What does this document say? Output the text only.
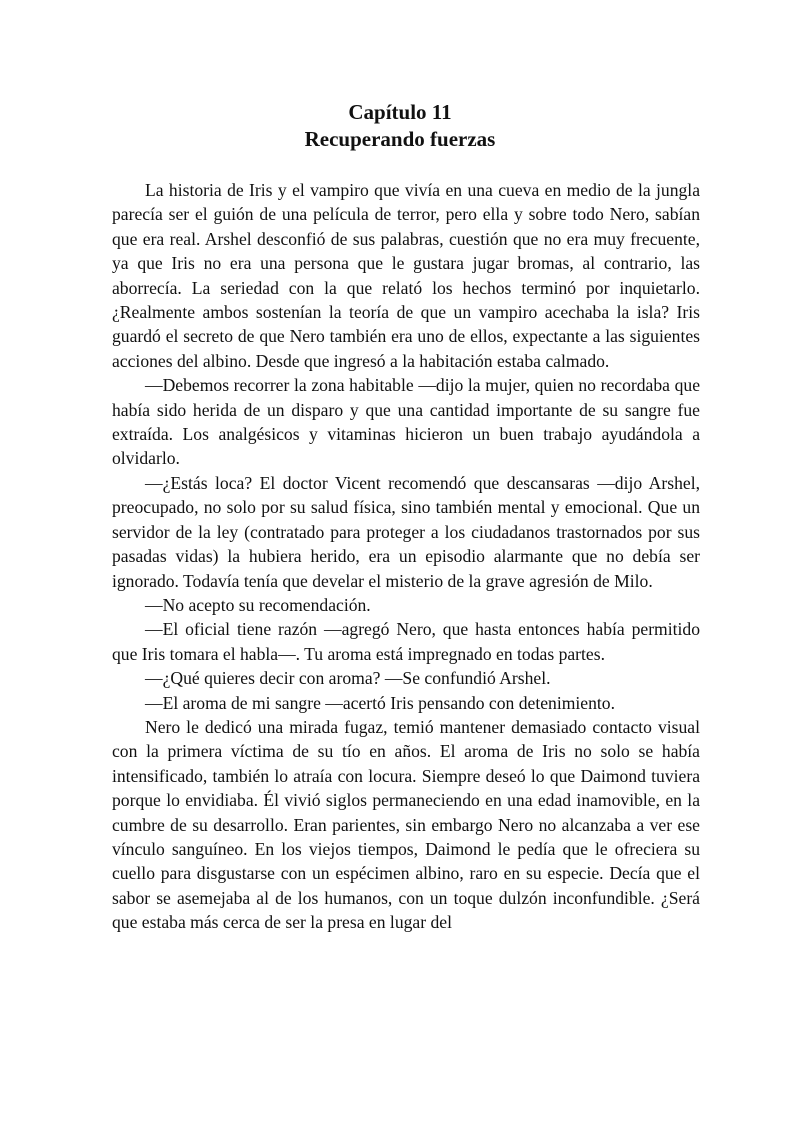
Capítulo 11
Recuperando fuerzas

La historia de Iris y el vampiro que vivía en una cueva en medio de la jungla parecía ser el guión de una película de terror, pero ella y sobre todo Nero, sabían que era real. Arshel desconfió de sus palabras, cuestión que no era muy frecuente, ya que Iris no era una persona que le gustara jugar bromas, al contrario, las aborrecía. La seriedad con la que relató los hechos terminó por inquietarlo. ¿Realmente ambos sostenían la teoría de que un vampiro acechaba la isla? Iris guardó el secreto de que Nero también era uno de ellos, expectante a las siguientes acciones del albino. Desde que ingresó a la habitación estaba calmado.

—Debemos recorrer la zona habitable —dijo la mujer, quien no recordaba que había sido herida de un disparo y que una cantidad importante de su sangre fue extraída. Los analgésicos y vitaminas hicieron un buen trabajo ayudándola a olvidarlo.

—¿Estás loca? El doctor Vicent recomendó que descansaras —dijo Arshel, preocupado, no solo por su salud física, sino también mental y emocional. Que un servidor de la ley (contratado para proteger a los ciudadanos trastornados por sus pasadas vidas) la hubiera herido, era un episodio alarmante que no debía ser ignorado. Todavía tenía que develar el misterio de la grave agresión de Milo.

—No acepto su recomendación.

—El oficial tiene razón —agregó Nero, que hasta entonces había permitido que Iris tomara el habla—. Tu aroma está impregnado en todas partes.

—¿Qué quieres decir con aroma? —Se confundió Arshel.

—El aroma de mi sangre —acertó Iris pensando con detenimiento.

Nero le dedicó una mirada fugaz, temió mantener demasiado contacto visual con la primera víctima de su tío en años. El aroma de Iris no solo se había intensificado, también lo atraía con locura. Siempre deseó lo que Daimond tuviera porque lo envidiaba. Él vivió siglos permaneciendo en una edad inamovible, en la cumbre de su desarrollo. Eran parientes, sin embargo Nero no alcanzaba a ver ese vínculo sanguíneo. En los viejos tiempos, Daimond le pedía que le ofreciera su cuello para disgustarse con un espécimen albino, raro en su especie. Decía que el sabor se asemejaba al de los humanos, con un toque dulzón inconfundible. ¿Será que estaba más cerca de ser la presa en lugar del
